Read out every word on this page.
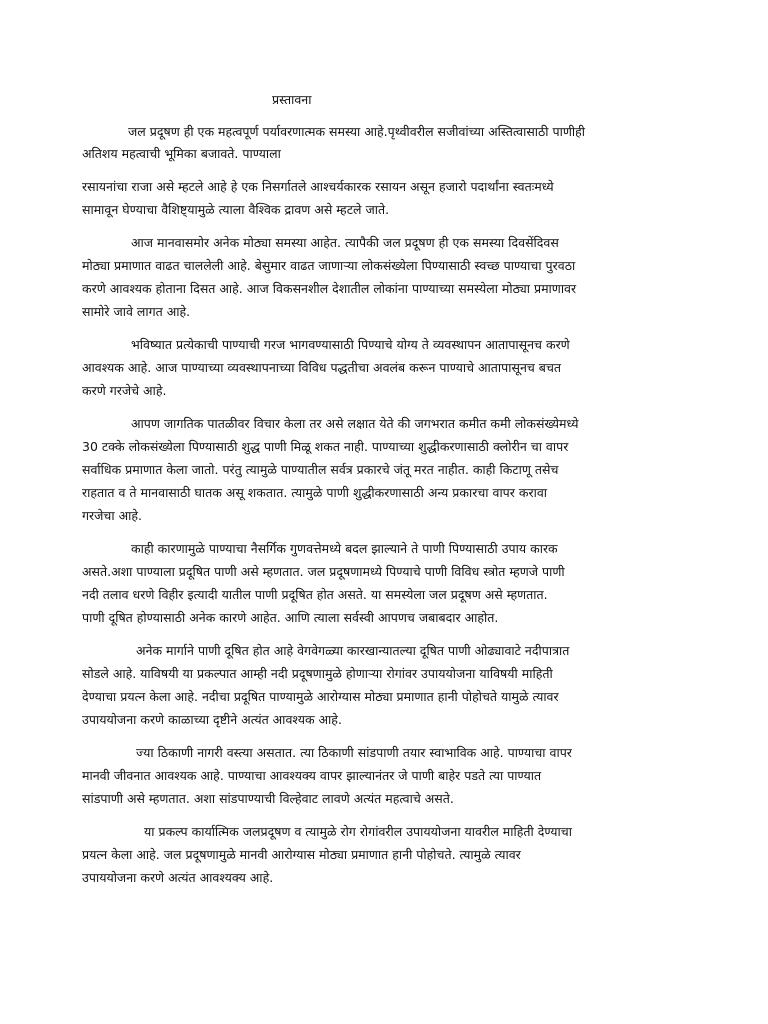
प्रस्तावना
जल प्रदूषण ही एक महत्वपूर्ण पर्यावरणात्मक समस्या आहे.पृथ्वीवरील सजीवांच्या अस्तित्वासाठी पाणीही
अतिशय महत्वाची भूमिका बजावते. पाण्याला
रसायनांचा राजा असे म्हटले आहे हे एक निसर्गातले आश्चर्यकारक रसायन असून हजारो पदार्थांना स्वतःमध्ये
सामावून घेण्याचा वैशिष्ट्यामुळे त्याला वैश्विक द्रावण असे म्हटले जाते.
आज मानवासमोर अनेक मोठ्या समस्या आहेत. त्यापैकी जल प्रदूषण ही एक समस्या दिवसेंदिवस
मोठ्या प्रमाणात वाढत चाललेली आहे. बेसुमार वाढत जाणाऱ्या लोकसंख्येला पिण्यासाठी स्वच्छ पाण्याचा पुरवठा
करणे आवश्यक होताना दिसत आहे. आज विकसनशील देशातील लोकांना पाण्याच्या समस्येला मोठ्या प्रमाणावर
सामोरे जावे लागत आहे.
भविष्यात प्रत्येकाची पाण्याची गरज भागवण्यासाठी पिण्याचे योग्य ते व्यवस्थापन आतापासूनच करणे
आवश्यक आहे. आज पाण्याच्या व्यवस्थापनाच्या विविध पद्धतीचा अवलंब करून पाण्याचे आतापासूनच बचत
करणे गरजेचे आहे.
आपण जागतिक पातळीवर विचार केला तर असे लक्षात येते की जगभरात कमीत कमी लोकसंख्येमध्ये
30 टक्के लोकसंख्येला पिण्यासाठी शुद्ध पाणी मिळू शकत नाही. पाण्याच्या शुद्धीकरणासाठी क्लोरीन चा वापर
सर्वाधिक प्रमाणात केला जातो. परंतु त्यामुळे पाण्यातील सर्वत्र प्रकारचे जंतू मरत नाहीत. काही किटाणू तसेच
राहतात व ते मानवासाठी घातक असू शकतात. त्यामुळे पाणी शुद्धीकरणासाठी अन्य प्रकारचा वापर करावा
गरजेचा आहे.
काही कारणामुळे पाण्याचा नैसर्गिक गुणवत्तेमध्ये बदल झाल्याने ते पाणी पिण्यासाठी उपाय कारक
असते.अशा पाण्याला प्रदूषित पाणी असे म्हणतात. जल प्रदूषणामध्ये पिण्याचे पाणी विविध स्त्रोत म्हणजे पाणी
नदी तलाव धरणे विहीर इत्यादी यातील पाणी प्रदूषित होत असते. या समस्येला जल प्रदूषण असे म्हणतात.
पाणी दूषित होण्यासाठी अनेक कारणे आहेत. आणि त्याला सर्वस्वी आपणच जबाबदार आहोत.
अनेक मार्गाने पाणी दूषित होत आहे वेगवेगळ्या कारखान्यातल्या दूषित पाणी ओढ्यावाटे नदीपात्रात
सोडले आहे. याविषयी या प्रकल्पात आम्ही नदी प्रदूषणामुळे होणाऱ्या रोगांवर उपाययोजना याविषयी माहिती
देण्याचा प्रयत्न केला आहे. नदीचा प्रदूषित पाण्यामुळे आरोग्यास मोठ्या प्रमाणात हानी पोहोचते यामुळे त्यावर
उपाययोजना करणे काळाच्या दृष्टीने अत्यंत आवश्यक आहे.
ज्या ठिकाणी नागरी वस्त्या असतात. त्या ठिकाणी सांडपाणी तयार स्वाभाविक आहे. पाण्याचा वापर
मानवी जीवनात आवश्यक आहे. पाण्याचा आवश्यक्य वापर झाल्यानंतर जे पाणी बाहेर पडते त्या पाण्यात
सांडपाणी असे म्हणतात. अशा सांडपाण्याची विल्हेवाट लावणे अत्यंत महत्वाचे असते.
या प्रकल्प कार्यात्मिक जलप्रदूषण व त्यामुळे रोग रोगांवरील उपाययोजना यावरील माहिती देण्याचा
प्रयत्न केला आहे. जल प्रदूषणामुळे मानवी आरोग्यास मोठ्या प्रमाणात हानी पोहोचते. त्यामुळे त्यावर
उपाययोजना करणे अत्यंत आवश्यक्य आहे.
